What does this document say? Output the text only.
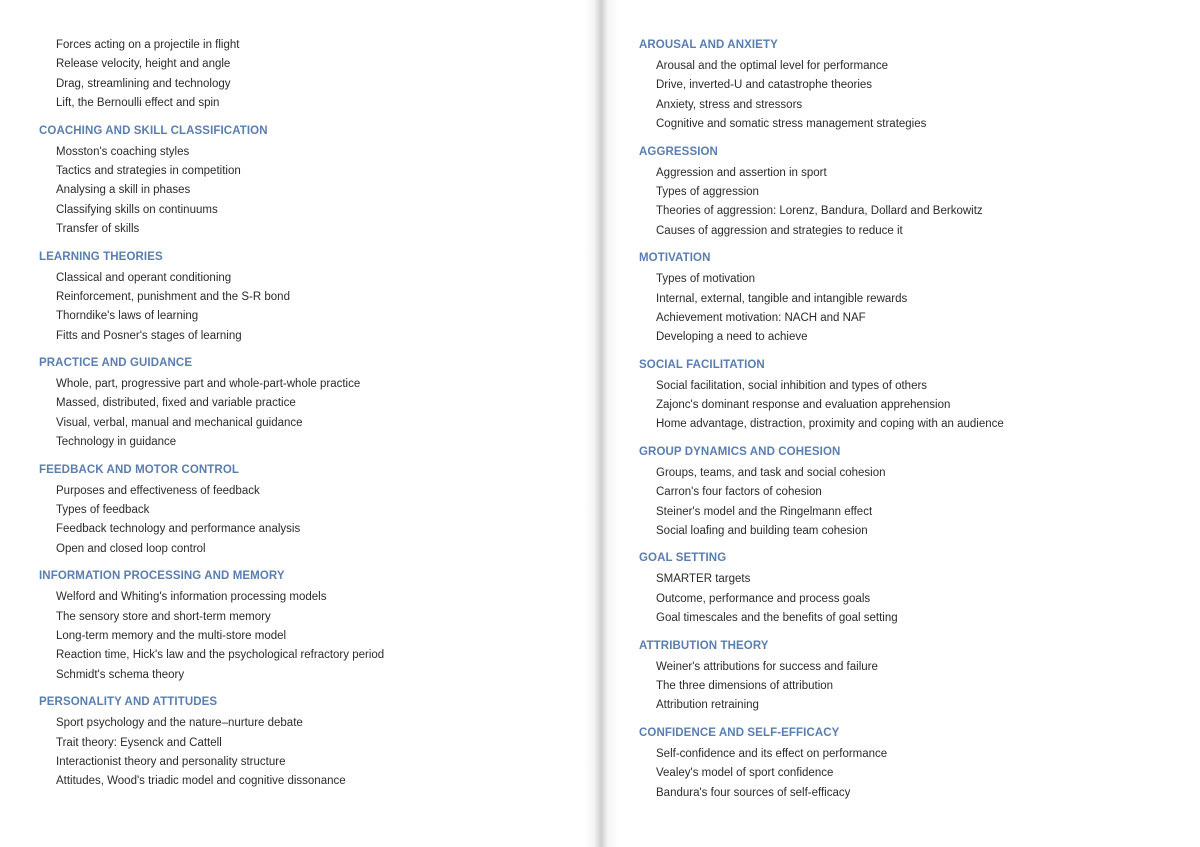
Forces acting on a projectile in flight
Release velocity, height and angle
Drag, streamlining and technology
Lift, the Bernoulli effect and spin
COACHING AND SKILL CLASSIFICATION
Mosston's coaching styles
Tactics and strategies in competition
Analysing a skill in phases
Classifying skills on continuums
Transfer of skills
LEARNING THEORIES
Classical and operant conditioning
Reinforcement, punishment and the S-R bond
Thorndike's laws of learning
Fitts and Posner's stages of learning
PRACTICE AND GUIDANCE
Whole, part, progressive part and whole-part-whole practice
Massed, distributed, fixed and variable practice
Visual, verbal, manual and mechanical guidance
Technology in guidance
FEEDBACK AND MOTOR CONTROL
Purposes and effectiveness of feedback
Types of feedback
Feedback technology and performance analysis
Open and closed loop control
INFORMATION PROCESSING AND MEMORY
Welford and Whiting's information processing models
The sensory store and short-term memory
Long-term memory and the multi-store model
Reaction time, Hick's law and the psychological refractory period
Schmidt's schema theory
PERSONALITY AND ATTITUDES
Sport psychology and the nature–nurture debate
Trait theory: Eysenck and Cattell
Interactionist theory and personality structure
Attitudes, Wood's triadic model and cognitive dissonance
AROUSAL AND ANXIETY
Arousal and the optimal level for performance
Drive, inverted-U and catastrophe theories
Anxiety, stress and stressors
Cognitive and somatic stress management strategies
AGGRESSION
Aggression and assertion in sport
Types of aggression
Theories of aggression: Lorenz, Bandura, Dollard and Berkowitz
Causes of aggression and strategies to reduce it
MOTIVATION
Types of motivation
Internal, external, tangible and intangible rewards
Achievement motivation: NACH and NAF
Developing a need to achieve
SOCIAL FACILITATION
Social facilitation, social inhibition and types of others
Zajonc's dominant response and evaluation apprehension
Home advantage, distraction, proximity and coping with an audience
GROUP DYNAMICS AND COHESION
Groups, teams, and task and social cohesion
Carron's four factors of cohesion
Steiner's model and the Ringelmann effect
Social loafing and building team cohesion
GOAL SETTING
SMARTER targets
Outcome, performance and process goals
Goal timescales and the benefits of goal setting
ATTRIBUTION THEORY
Weiner's attributions for success and failure
The three dimensions of attribution
Attribution retraining
CONFIDENCE AND SELF-EFFICACY
Self-confidence and its effect on performance
Vealey's model of sport confidence
Bandura's four sources of self-efficacy
